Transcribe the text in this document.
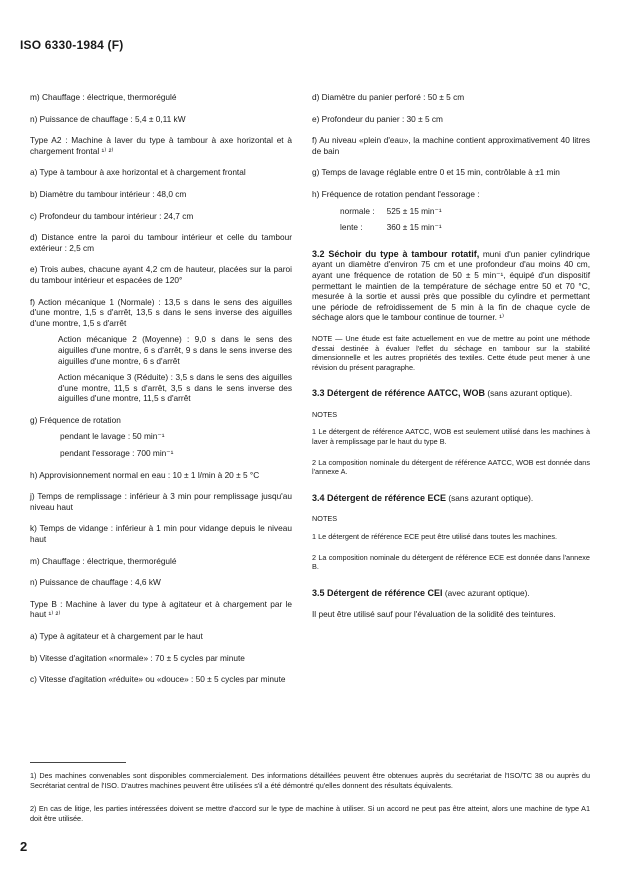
ISO 6330-1984 (F)

m) Chauffage : électrique, thermorégulé

n) Puissance de chauffage : 5,4 ± 0,11 kW

Type A2 : Machine à laver du type à tambour à axe horizontal et à chargement frontal ¹⁾ ²⁾

a) Type à tambour à axe horizontal et à chargement frontal

b) Diamètre du tambour intérieur : 48,0 cm

c) Profondeur du tambour intérieur : 24,7 cm

d) Distance entre la paroi du tambour intérieur et celle du tambour extérieur : 2,5 cm

e) Trois aubes, chacune ayant 4,2 cm de hauteur, placées sur la paroi du tambour intérieur et espacées de 120°

f) Action mécanique 1 (Normale) : 13,5 s dans le sens des aiguilles d'une montre, 1,5 s d'arrêt, 13,5 s dans le sens inverse des aiguilles d'une montre, 1,5 s d'arrêt

Action mécanique 2 (Moyenne) : 9,0 s dans le sens des aiguilles d'une montre, 6 s d'arrêt, 9 s dans le sens inverse des aiguilles d'une montre, 6 s d'arrêt

Action mécanique 3 (Réduite) : 3,5 s dans le sens des aiguilles d'une montre, 11,5 s d'arrêt, 3,5 s dans le sens inverse des aiguilles d'une montre, 11,5 s d'arrêt

g) Fréquence de rotation

pendant le lavage : 50 min⁻¹

pendant l'essorage : 700 min⁻¹

h) Approvisionnement normal en eau : 10 ± 1 l/min à 20 ± 5 °C

j) Temps de remplissage : inférieur à 3 min pour remplissage jusqu'au niveau haut

k) Temps de vidange : inférieur à 1 min pour vidange depuis le niveau haut

m) Chauffage : électrique, thermorégulé

n) Puissance de chauffage : 4,6 kW

Type B : Machine à laver du type à agitateur et à chargement par le haut ¹⁾ ²⁾

a) Type à agitateur et à chargement par le haut

b) Vitesse d'agitation «normale» : 70 ± 5 cycles par minute

c) Vitesse d'agitation «réduite» ou «douce» : 50 ± 5 cycles par minute

d) Diamètre du panier perforé : 50 ± 5 cm

e) Profondeur du panier : 30 ± 5 cm

f) Au niveau «plein d'eau», la machine contient approximativement 40 litres de bain

g) Temps de lavage réglable entre 0 et 15 min, contrôlable à ±1 min

h) Fréquence de rotation pendant l'essorage :

normale : 525 ± 15 min⁻¹

lente :	360 ± 15 min⁻¹

3.2 Séchoir du type à tambour rotatif, muni d'un panier cylindrique ayant un diamètre d'environ 75 cm et une profondeur d'au moins 40 cm, ayant une fréquence de rotation de 50 ± 5 min⁻¹, équipé d'un dispositif permettant le maintien de la température de séchage entre 50 et 70 °C, mesurée à la sortie et aussi près que possible du cylindre et permettant une période de refroidissement de 5 min à la fin de chaque cycle de séchage alors que le tambour continue de tourner. ¹⁾

NOTE — Une étude est faite actuellement en vue de mettre au point une méthode d'essai destinée à évaluer l'effet du séchage en tambour sur la stabilité dimensionnelle et les autres propriétés des textiles. Cette étude peut mener à une révision du présent paragraphe.

3.3 Détergent de référence AATCC, WOB (sans azurant optique).

NOTES

1 Le détergent de référence AATCC, WOB est seulement utilisé dans les machines à laver à remplissage par le haut du type B.

2 La composition nominale du détergent de référence AATCC, WOB est donnée dans l'annexe A.

3.4 Détergent de référence ECE (sans azurant optique).

NOTES

1 Le détergent de référence ECE peut être utilisé dans toutes les machines.

2 La composition nominale du détergent de référence ECE est donnée dans l'annexe B.

3.5 Détergent de référence CEI (avec azurant optique).

Il peut être utilisé sauf pour l'évaluation de la solidité des teintures.

1) Des machines convenables sont disponibles commercialement. Des informations détaillées peuvent être obtenues auprès du secrétariat de l'ISO/TC 38 ou auprès du Secrétariat central de l'ISO. D'autres machines peuvent être utilisées s'il a été démontré qu'elles donnent des résultats équivalents.

2) En cas de litige, les parties intéressées doivent se mettre d'accord sur le type de machine à utiliser. Si un accord ne peut pas être atteint, alors une machine de type A1 doit être utilisée.

2
